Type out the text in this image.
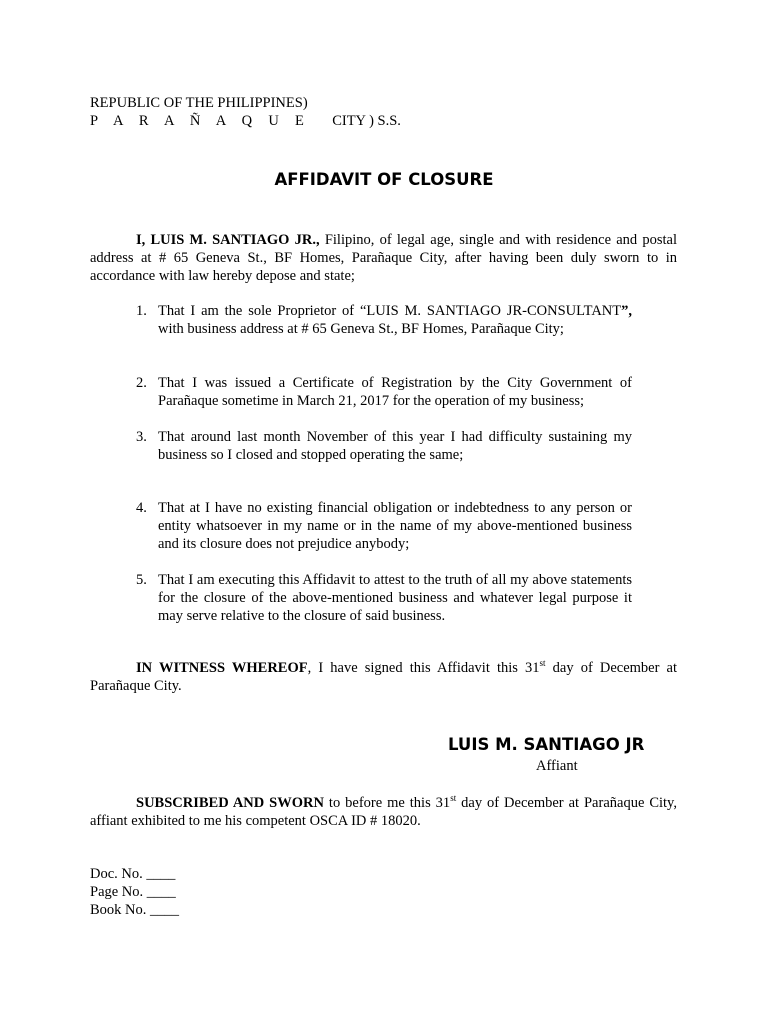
REPUBLIC OF THE PHILIPPINES)
P A R A Ñ A Q U E CITY ) S.S.
AFFIDAVIT OF CLOSURE
I, LUIS M. SANTIAGO JR., Filipino, of legal age, single and with residence and postal address at # 65 Geneva St., BF Homes, Parañaque City, after having been duly sworn to in accordance with law hereby depose and state;
1. That I am the sole Proprietor of “LUIS M. SANTIAGO JR-CONSULTANT”, with business address at # 65 Geneva St., BF Homes, Parañaque City;
2. That I was issued a Certificate of Registration by the City Government of Parañaque sometime in March 21, 2017 for the operation of my business;
3. That around last month November of this year I had difficulty sustaining my business so I closed and stopped operating the same;
4. That at I have no existing financial obligation or indebtedness to any person or entity whatsoever in my name or in the name of my above-mentioned business and its closure does not prejudice anybody;
5. That I am executing this Affidavit to attest to the truth of all my above statements for the closure of the above-mentioned business and whatever legal purpose it may serve relative to the closure of said business.
IN WITNESS WHEREOF, I have signed this Affidavit this 31st day of December at Parañaque City.
LUIS M. SANTIAGO JR
Affiant
SUBSCRIBED AND SWORN to before me this 31st day of December at Parañaque City, affiant exhibited to me his competent OSCA ID # 18020.
Doc. No. ____
Page No. ____
Book No. ____
